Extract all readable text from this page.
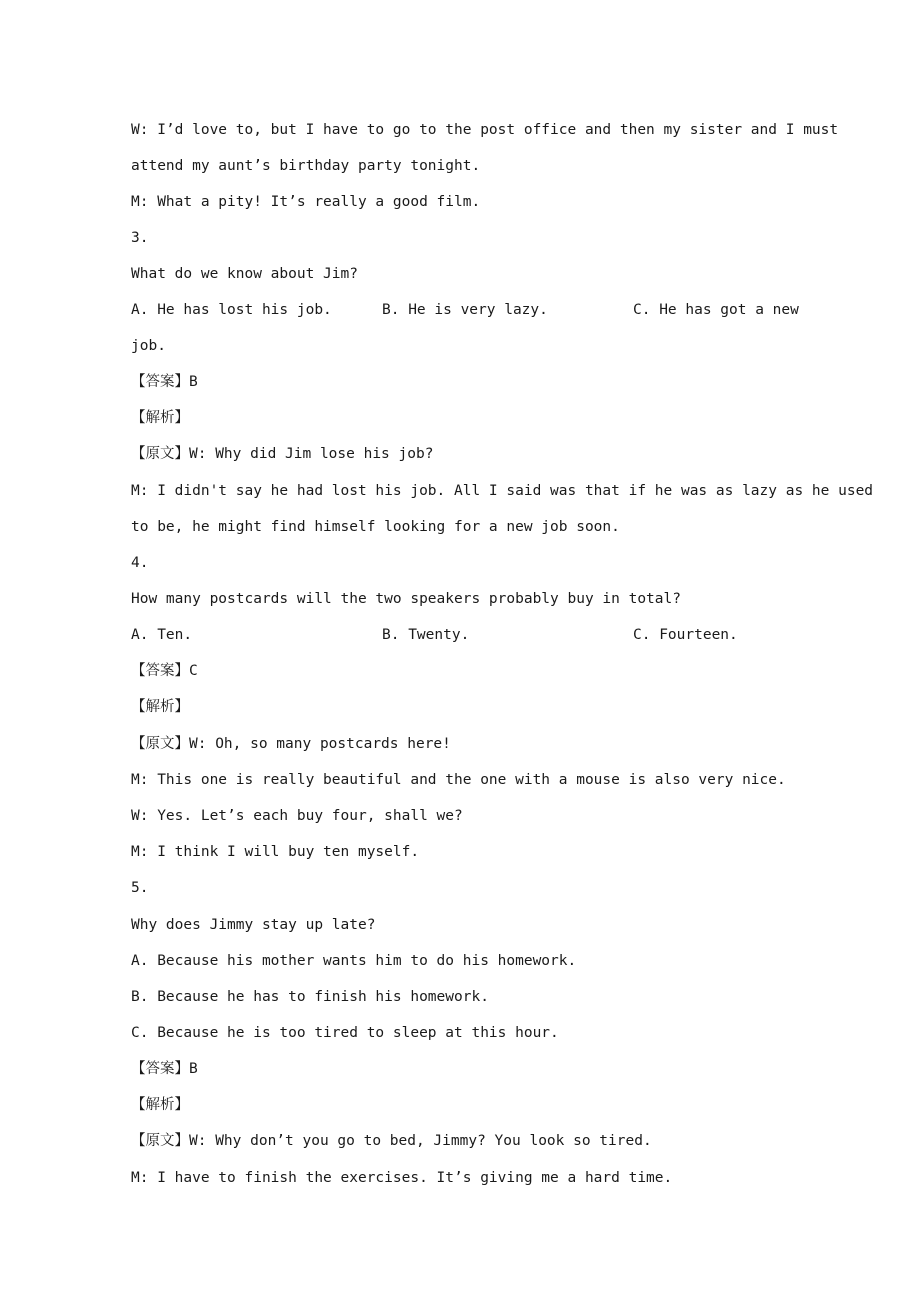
W: I’d love to, but I have to go to the post office and then my sister and I must
attend my aunt’s birthday party tonight.
M: What a pity! It’s really a good film.
3.
What do we know about Jim?
A. He has lost his job.	B. He is very lazy.	C. He has got a new
job.
【答案】B
【解析】
【原文】W: Why did Jim lose his job?
M: I didn't say he had lost his job. All I said was that if he was as lazy as he used
to be, he might find himself looking for a new job soon.
4.
How many postcards will the two speakers probably buy in total?
A. Ten.	B. Twenty.	C. Fourteen.
【答案】C
【解析】
【原文】W: Oh, so many postcards here!
M: This one is really beautiful and the one with a mouse is also very nice.
W: Yes. Let’s each buy four, shall we?
M: I think I will buy ten myself.
5.
Why does Jimmy stay up late?
A. Because his mother wants him to do his homework.
B. Because he has to finish his homework.
C. Because he is too tired to sleep at this hour.
【答案】B
【解析】
【原文】W: Why don’t you go to bed, Jimmy? You look so tired.
M: I have to finish the exercises. It’s giving me a hard time.
